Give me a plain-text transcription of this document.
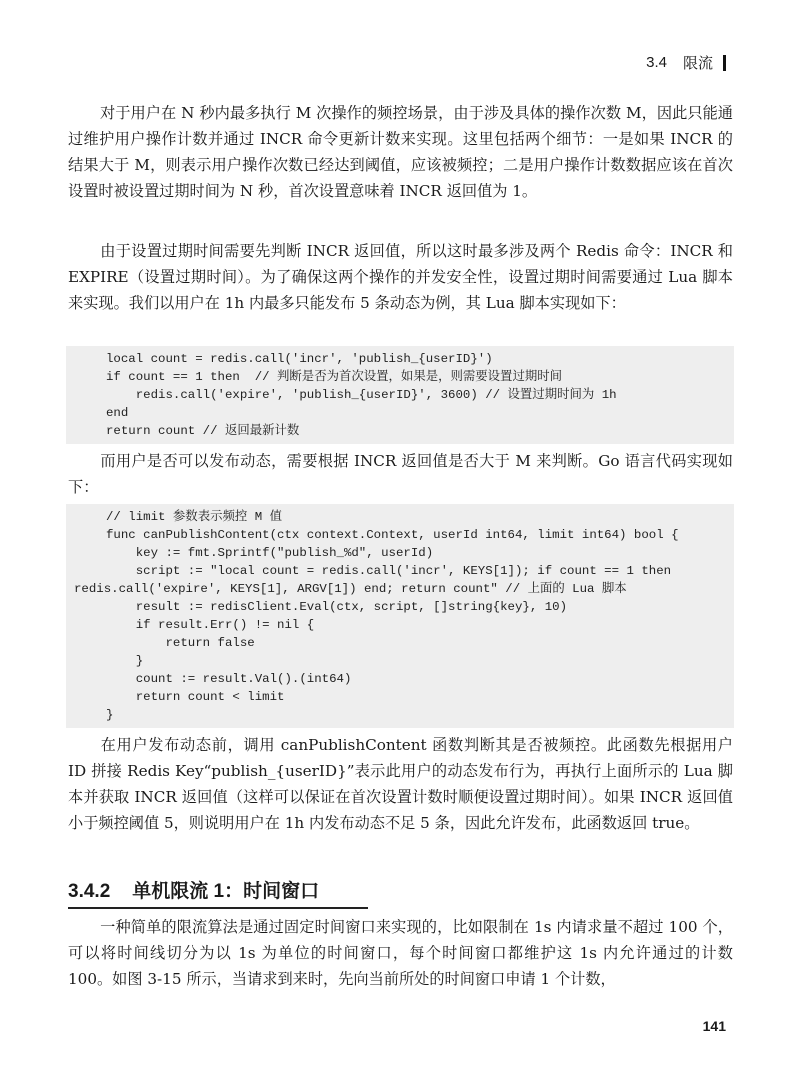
3.4 限流

对于用户在 N 秒内最多执行 M 次操作的频控场景，由于涉及具体的操作次数 M，因此只能通过维护用户操作计数并通过 INCR 命令更新计数来实现。这里包括两个细节：一是如果 INCR 的结果大于 M，则表示用户操作次数已经达到阈值，应该被频控；二是用户操作计数数据应该在首次设置时被设置过期时间为 N 秒，首次设置意味着 INCR 返回值为 1。

由于设置过期时间需要先判断 INCR 返回值，所以这时最多涉及两个 Redis 命令：INCR 和 EXPIRE（设置过期时间）。为了确保这两个操作的并发安全性，设置过期时间需要通过 Lua 脚本来实现。我们以用户在 1h 内最多只能发布 5 条动态为例，其 Lua 脚本实现如下：

local count = redis.call('incr', 'publish_{userID}')
if count == 1 then  // 判断是否为首次设置，如果是，则需要设置过期时间
redis.call('expire', 'publish_{userID}', 3600) // 设置过期时间为 1h
end
return count // 返回最新计数

而用户是否可以发布动态，需要根据 INCR 返回值是否大于 M 来判断。Go 语言代码实现如下：

// limit 参数表示频控 M 值
func canPublishContent(ctx context.Context, userId int64, limit int64) bool {
key := fmt.Sprintf("publish_%d", userId)
script := "local count = redis.call('incr', KEYS[1]); if count == 1 then
redis.call('expire', KEYS[1], ARGV[1]) end; return count" // 上面的 Lua 脚本
result := redisClient.Eval(ctx, script, []string{key}, 10)
if result.Err() != nil {
return false
}
count := result.Val().(int64)
return count < limit
}

在用户发布动态前，调用 canPublishContent 函数判断其是否被频控。此函数先根据用户 ID 拼接 Redis Key“publish_{userID}”表示此用户的动态发布行为，再执行上面所示的 Lua 脚本并获取 INCR 返回值（这样可以保证在首次设置计数时顺便设置过期时间）。如果 INCR 返回值小于频控阈值 5，则说明用户在 1h 内发布动态不足 5 条，因此允许发布，此函数返回 true。

3.4.2 单机限流 1：时间窗口

一种简单的限流算法是通过固定时间窗口来实现的，比如限制在 1s 内请求量不超过 100 个，可以将时间线切分为以 1s 为单位的时间窗口，每个时间窗口都维护这 1s 内允许通过的计数 100。如图 3-15 所示，当请求到来时，先向当前所处的时间窗口申请 1 个计数，

141
